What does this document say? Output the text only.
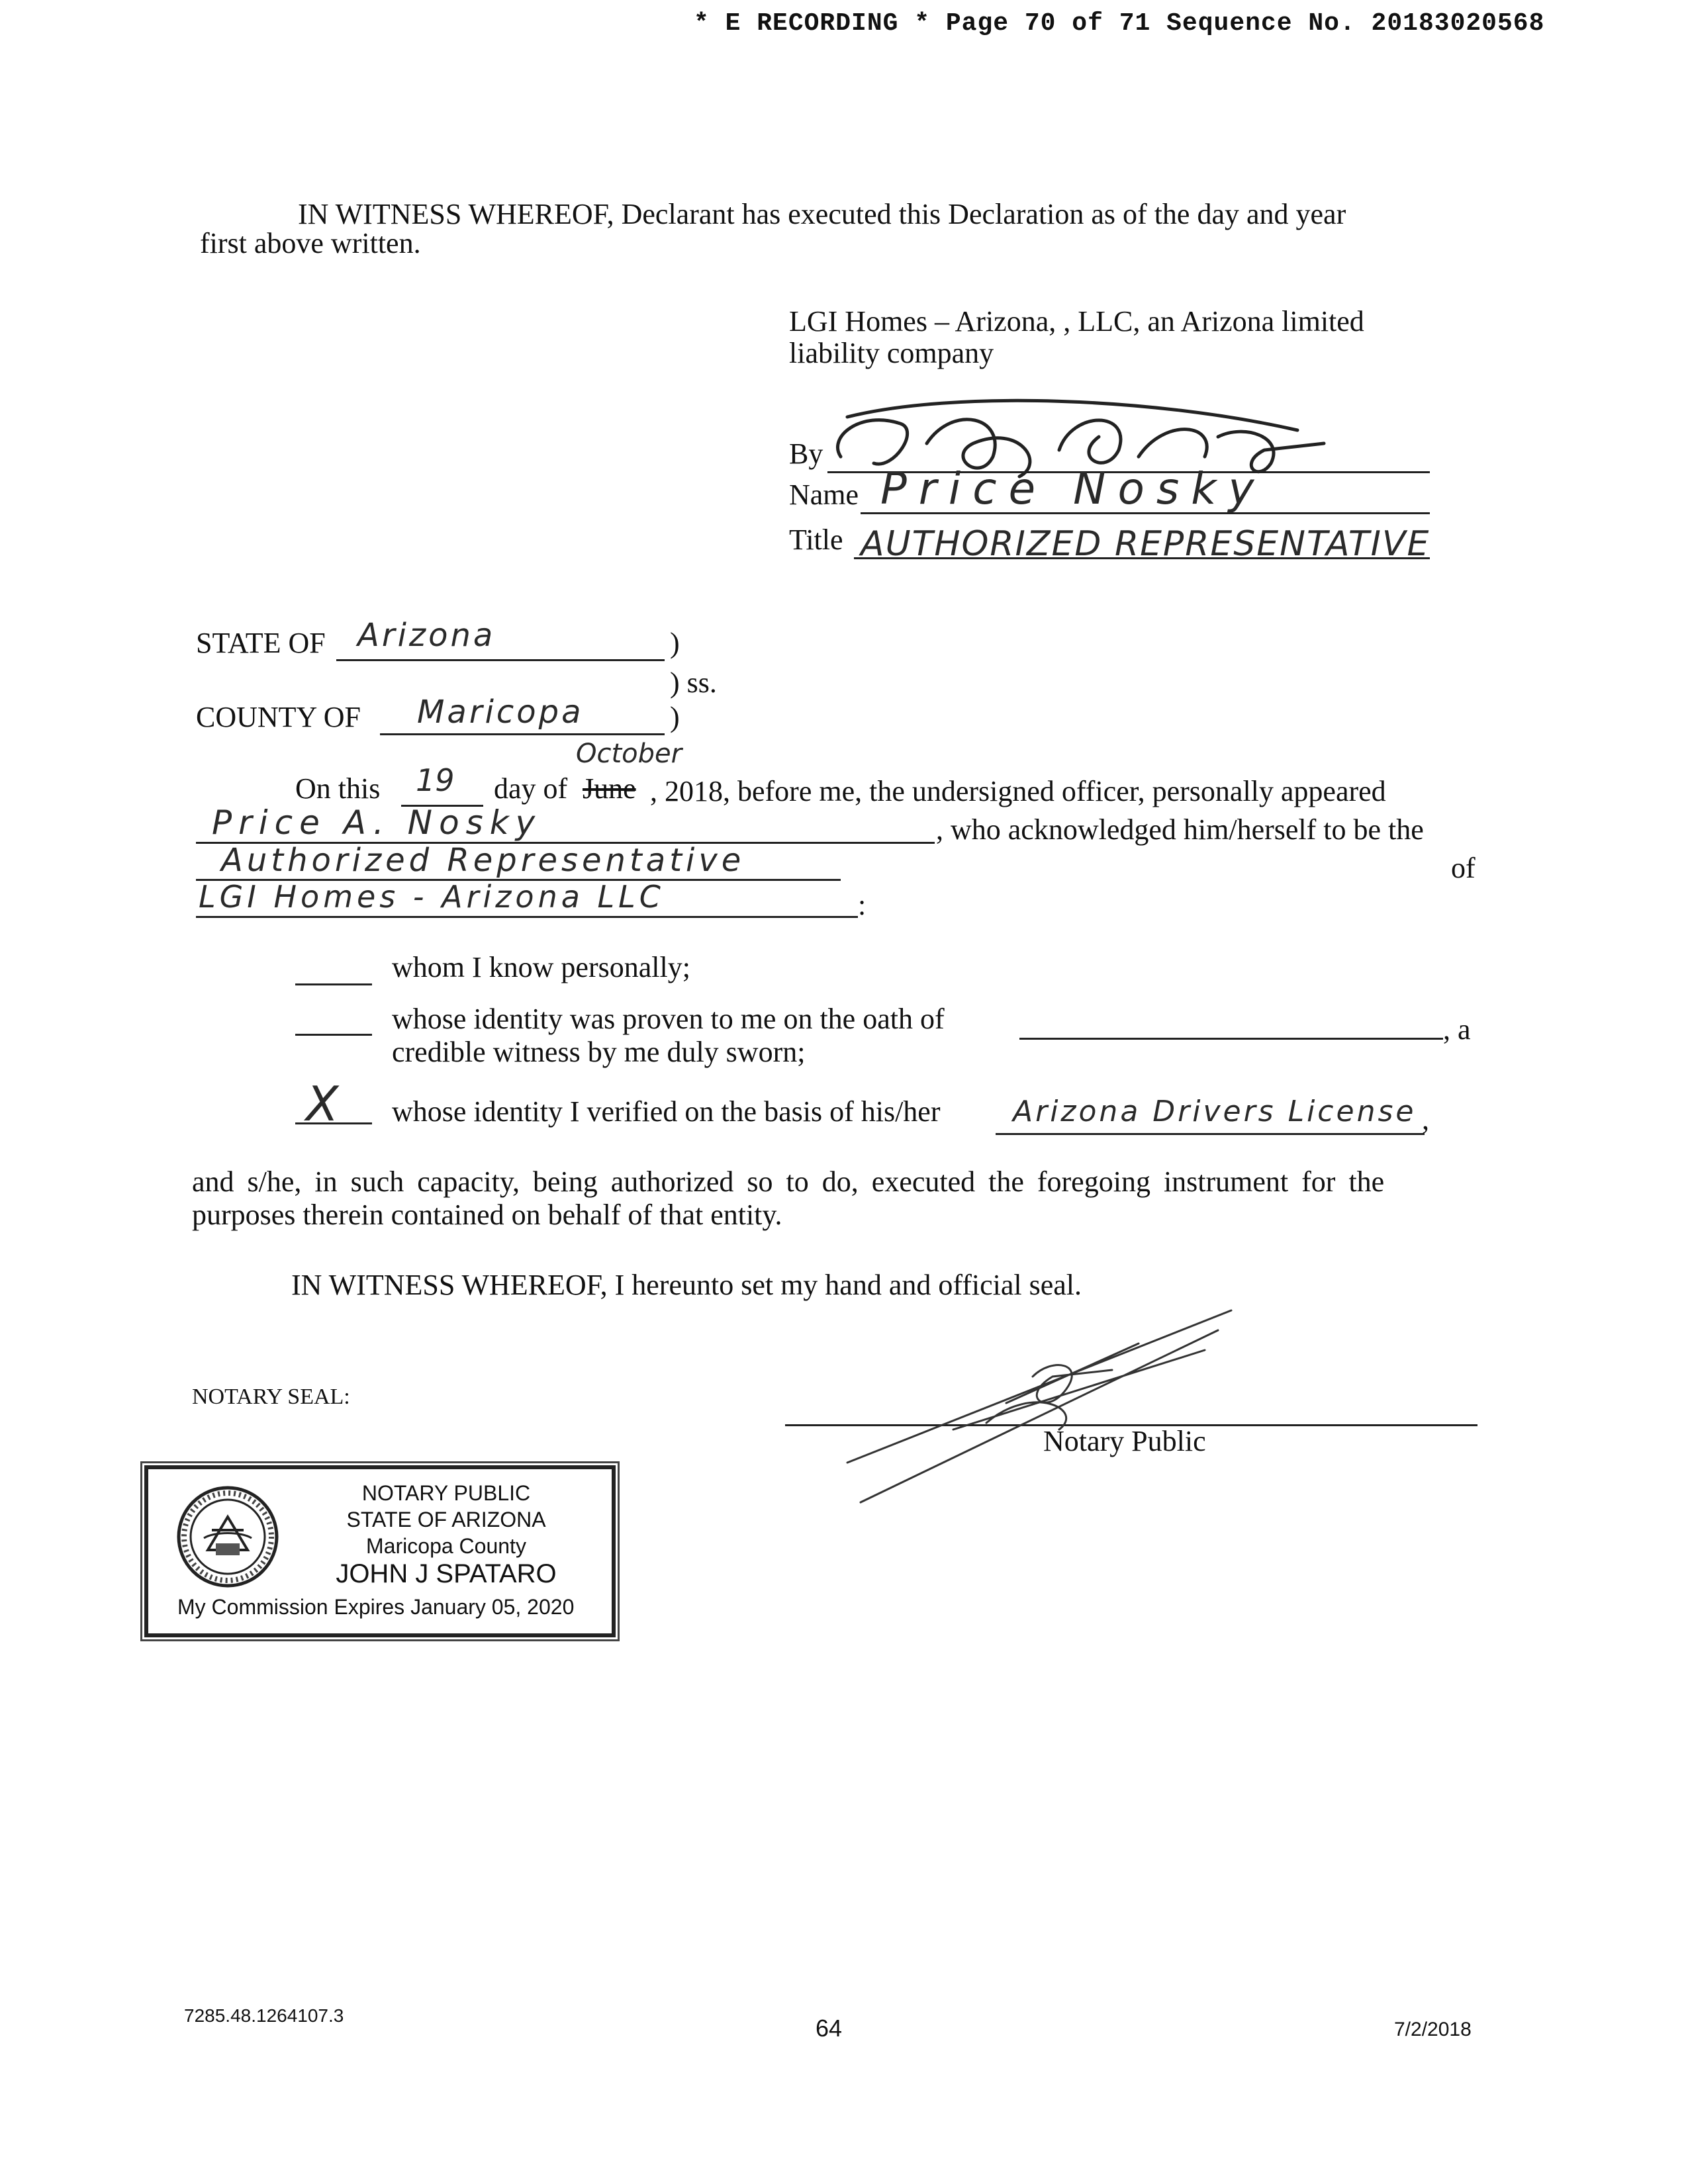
* E RECORDING * Page 70 of 71 Sequence No. 20183020568
IN WITNESS WHEREOF, Declarant has executed this Declaration as of the day and year
first above written.
LGI Homes – Arizona, , LLC, an Arizona limited
liability company
By
Name Price Nosky
Title AUTHORIZED REPRESENTATIVE
STATE OF Arizona	)
) ss.
COUNTY OF Maricopa	)
October
On this 19 day of June , 2018, before me, the undersigned officer, personally appeared
Price A. Nosky	, who acknowledged him/herself to be the
Authorized Representative	of
LGI Homes - Arizona LLC	:
whom I know personally;
whose identity was proven to me on the oath of	, a
credible witness by me duly sworn;
X whose identity I verified on the basis of his/her Arizona Drivers License ,
and s/he, in such capacity, being authorized so to do, executed the foregoing instrument for the
purposes therein contained on behalf of that entity.
IN WITNESS WHEREOF, I hereunto set my hand and official seal.
NOTARY SEAL:
Notary Public
NOTARY PUBLIC
STATE OF ARIZONA
Maricopa County
JOHN J SPATARO
My Commission Expires January 05, 2020
7285.48.1264107.3	64	7/2/2018
